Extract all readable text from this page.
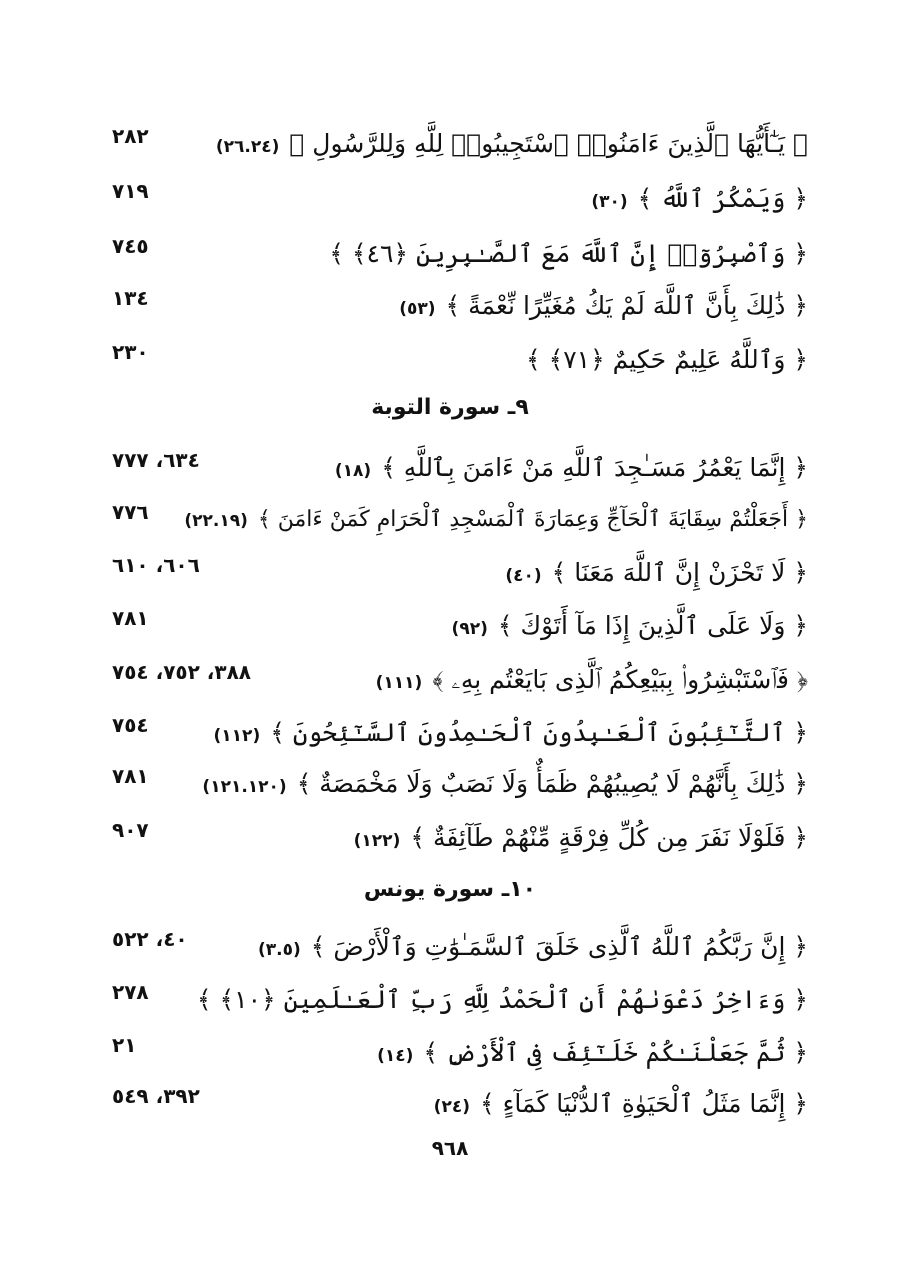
﴿ يَـٰٓأَيُّهَا ٱلَّذِينَ ءَامَنُوا۟ ٱسْتَجِيبُوا۟ لِلَّهِ وَلِلرَّسُولِ ﴾(٢٦.٢٤)
٢٨٢
﴿ وَيَمْكُرُ ٱللَّهُ ﴾(٣٠)
٧١٩
﴿ وَٱصْبِرُوٓا۟ إِنَّ ٱللَّهَ مَعَ ٱلصَّـٰبِرِينَ ﴿٤٦﴾ ﴾
٧٤٥
﴿ ذَٰلِكَ بِأَنَّ ٱللَّهَ لَمْ يَكُ مُغَيِّرًا نِّعْمَةً ﴾(٥٣)
١٣٤
﴿ وَٱللَّهُ عَلِيمٌ حَكِيمٌ ﴿٧١﴾ ﴾
٢٣٠
٩ـ سورة التوبة
﴿ إِنَّمَا يَعْمُرُ مَسَـٰجِدَ ٱللَّهِ مَنْ ءَامَنَ بِٱللَّهِ ﴾(١٨)
٦٣٤، ٧٧٧
﴿ أَجَعَلْتُمْ سِقَايَةَ ٱلْحَآجِّ وَعِمَارَةَ ٱلْمَسْجِدِ ٱلْحَرَامِ كَمَنْ ءَامَنَ ﴾(٢٢.١٩)
٧٧٦
﴿ لَا تَحْزَنْ إِنَّ ٱللَّهَ مَعَنَا ﴾(٤٠)
٦٠٦، ٦١٠
﴿ وَلَا عَلَى ٱلَّذِينَ إِذَا مَآ أَتَوْكَ ﴾(٩٢)
٧٨١
﴿ فَٱسْتَبْشِرُوا۟ بِبَيْعِكُمُ ٱلَّذِى بَايَعْتُم بِهِۦ ﴾(١١١)
٣٨٨، ٧٥٢، ٧٥٤
﴿ ٱلتَّـٰٓئِبُونَ ٱلْعَـٰبِدُونَ ٱلْحَـٰمِدُونَ ٱلسَّـٰٓئِحُونَ ﴾(١١٢)
٧٥٤
﴿ ذَٰلِكَ بِأَنَّهُمْ لَا يُصِيبُهُمْ ظَمَأٌ وَلَا نَصَبٌ وَلَا مَخْمَصَةٌ ﴾(١٢١.١٢٠)
٧٨١
﴿ فَلَوْلَا نَفَرَ مِن كُلِّ فِرْقَةٍ مِّنْهُمْ طَآئِفَةٌ ﴾(١٢٢)
٩٠٧
١٠ـ سورة يونس
﴿ إِنَّ رَبَّكُمُ ٱللَّهُ ٱلَّذِى خَلَقَ ٱلسَّمَـٰوَٰتِ وَٱلْأَرْضَ ﴾(٣.٥)
٤٠، ٥٢٢
﴿ وَءَاخِرُ دَعْوَىٰهُمْ أَنِ ٱلْحَمْدُ لِلَّهِ رَبِّ ٱلْعَـٰلَمِينَ ﴿١٠﴾ ﴾
٢٧٨
﴿ ثُمَّ جَعَلْنَـٰكُمْ خَلَـٰٓئِفَ فِى ٱلْأَرْضِ ﴾(١٤)
٢١
﴿ إِنَّمَا مَثَلُ ٱلْحَيَوٰةِ ٱلدُّنْيَا كَمَآءٍ ﴾(٢٤)
٣٩٢، ٥٤٩
٩٦٨
